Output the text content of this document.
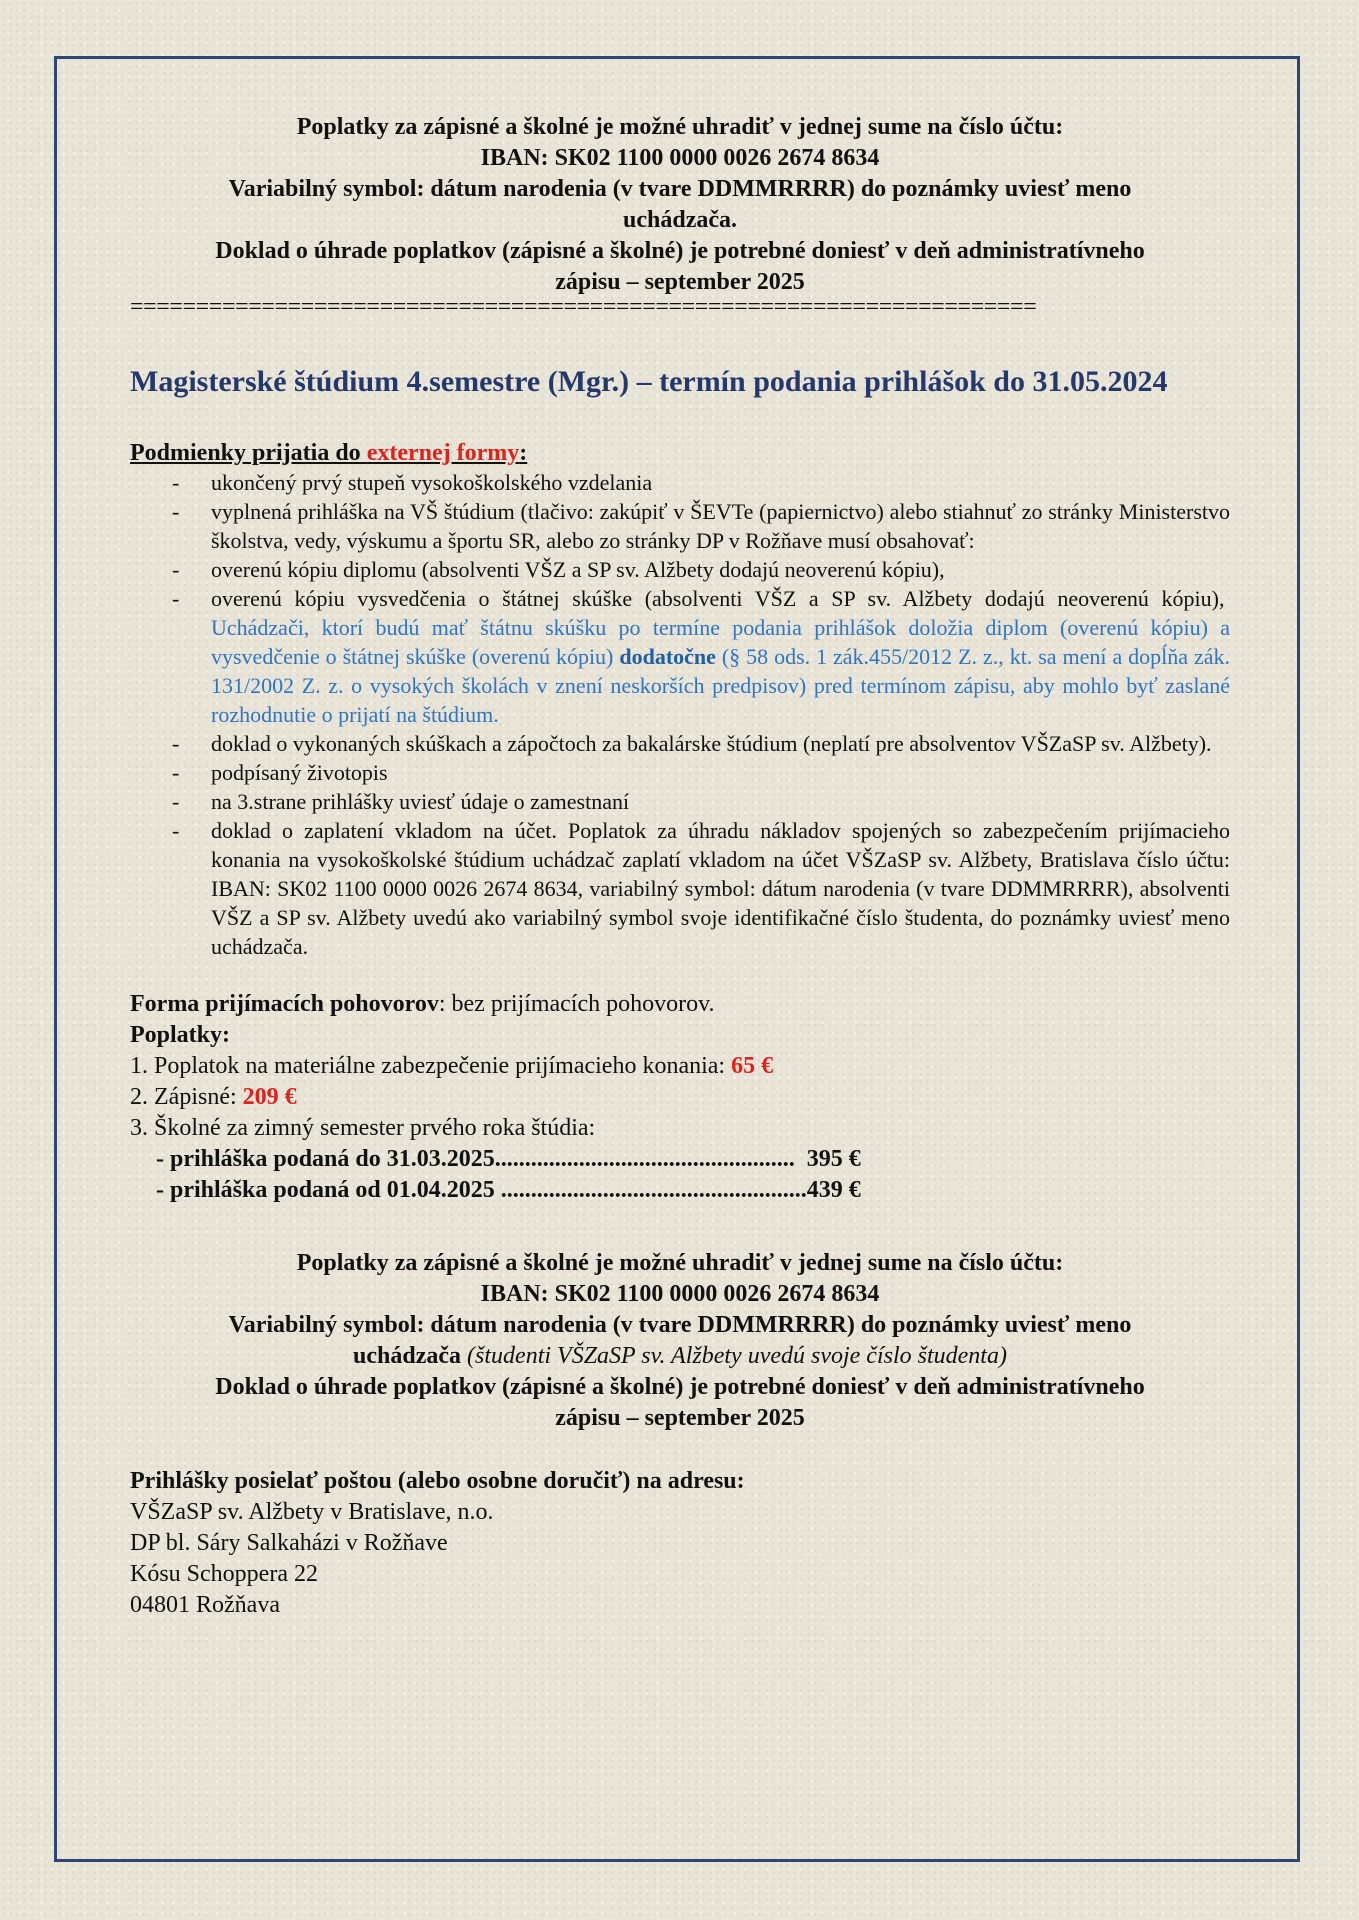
Poplatky za zápisné a školné je možné uhradiť v jednej sume na číslo účtu:
IBAN: SK02 1100 0000 0026 2674 8634
Variabilný symbol: dátum narodenia (v tvare DDMMRRRR) do poznámky uviesť meno
uchádzača.
Doklad o úhrade poplatkov (zápisné a školné) je potrebné doniesť v deň administratívneho
zápisu – september 2025
=====================================================================
Magisterské štúdium 4.semestre (Mgr.) – termín podania prihlášok do 31.05.2024
Podmienky prijatia do externej formy:
- ukončený prvý stupeň vysokoškolského vzdelania
- vyplnená prihláška na VŠ štúdium (tlačivo: zakúpiť v ŠEVTe (papiernictvo) alebo stiahnuť zo stránky Ministerstvo školstva, vedy, výskumu a športu SR, alebo zo stránky DP v Rožňave musí obsahovať:
- overenú kópiu diplomu (absolventi VŠZ a SP sv. Alžbety dodajú neoverenú kópiu),
- overenú kópiu vysvedčenia o štátnej skúške (absolventi VŠZ a SP sv. Alžbety dodajú neoverenú kópiu),  Uchádzači, ktorí budú mať štátnu skúšku po termíne podania prihlášok doložia diplom (overenú kópiu) a vysvedčenie o štátnej skúške (overenú kópiu) dodatočne (§ 58 ods. 1 zák.455/2012 Z. z., kt. sa mení a dopĺňa zák. 131/2002 Z. z. o vysokých školách v znení neskorších predpisov) pred termínom zápisu, aby mohlo byť zaslané rozhodnutie o prijatí na štúdium.
- doklad o vykonaných skúškach a zápočtoch za bakalárske štúdium (neplatí pre absolventov VŠZaSP sv. Alžbety).
- podpísaný životopis
- na 3.strane prihlášky uviesť údaje o zamestnaní
- doklad o zaplatení vkladom na účet. Poplatok za úhradu nákladov spojených so zabezpečením prijímacieho konania na vysokoškolské štúdium uchádzač zaplatí vkladom na účet VŠZaSP sv. Alžbety, Bratislava číslo účtu: IBAN: SK02 1100 0000 0026 2674 8634, variabilný symbol: dátum narodenia (v tvare DDMMRRRR), absolventi VŠZ a SP sv. Alžbety uvedú ako variabilný symbol svoje identifikačné číslo študenta, do poznámky uviesť meno uchádzača.
Forma prijímacích pohovorov: bez prijímacích pohovorov.
Poplatky:
1. Poplatok na materiálne zabezpečenie prijímacieho konania: 65 €
2. Zápisné: 209 €
3. Školné za zimný semester prvého roka štúdia:
- prihláška podaná do 31.03.2025..................................................  395 €
- prihláška podaná od 01.04.2025 ...................................................439 €
Poplatky za zápisné a školné je možné uhradiť v jednej sume na číslo účtu:
IBAN: SK02 1100 0000 0026 2674 8634
Variabilný symbol: dátum narodenia (v tvare DDMMRRRR) do poznámky uviesť meno
uchádzača (študenti VŠZaSP sv. Alžbety uvedú svoje číslo študenta)
Doklad o úhrade poplatkov (zápisné a školné) je potrebné doniesť v deň administratívneho
zápisu – september 2025
Prihlášky posielať poštou (alebo osobne doručiť) na adresu:
VŠZaSP sv. Alžbety v Bratislave, n.o.
DP bl. Sáry Salkaházi v Rožňave
Kósu Schoppera 22
04801 Rožňava
